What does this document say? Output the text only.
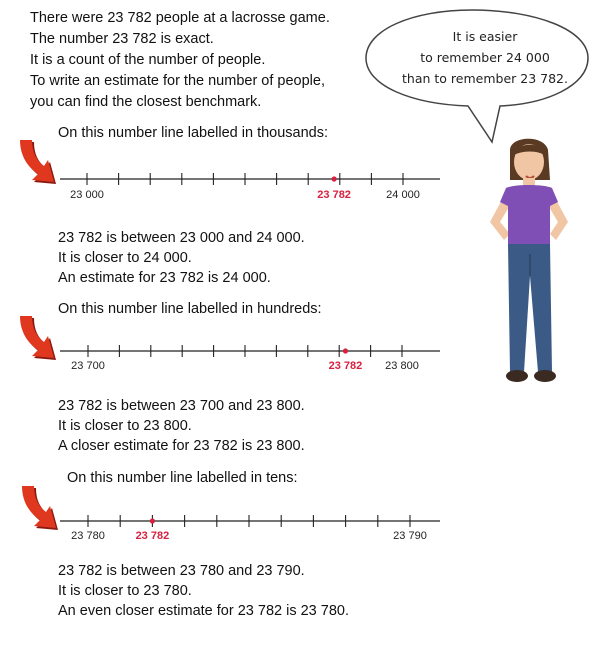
There were 23 782 people at a lacrosse game.
The number 23 782 is exact.
It is a count of the number of people.
To write an estimate for the number of people,
you can find the closest benchmark.
It is easier
to remember 24 000
than to remember 23 782.
On this number line labelled in thousands:
On this number line labelled in hundreds:
On this number line labelled in tens:
23 000	24 000
23 782
23 700	23 800
23 782
23 780	23 790
23 782
23 782 is between 23 000 and 24 000.
It is closer to 24 000.
An estimate for 23 782 is 24 000.
23 782 is between 23 700 and 23 800.
It is closer to 23 800.
A closer estimate for 23 782 is 23 800.
23 782 is between 23 780 and 23 790.
It is closer to 23 780.
An even closer estimate for 23 782 is 23 780.
